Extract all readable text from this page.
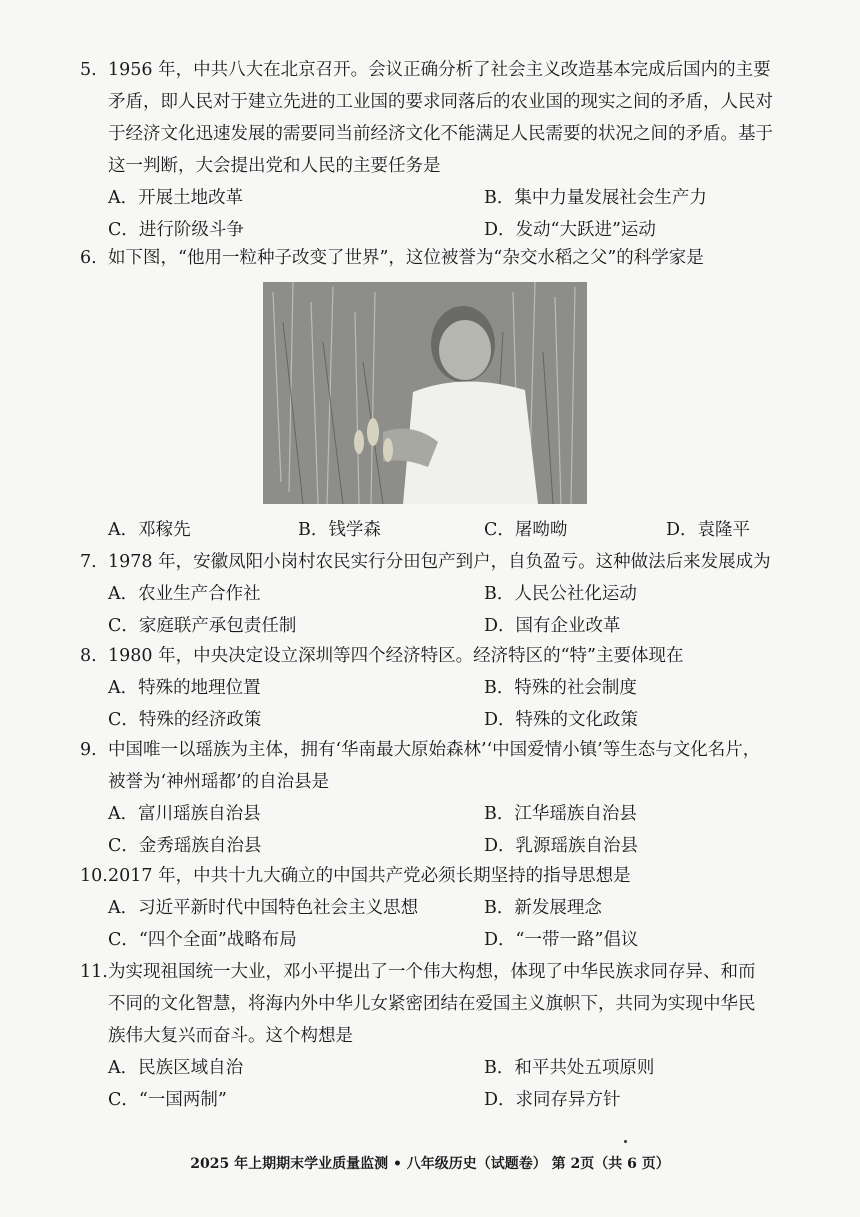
5. 1956 年，中共八大在北京召开。会议正确分析了社会主义改造基本完成后国内的主要
矛盾，即人民对于建立先进的工业国的要求同落后的农业国的现实之间的矛盾，人民对
于经济文化迅速发展的需要同当前经济文化不能满足人民需要的状况之间的矛盾。基于
这一判断，大会提出党和人民的主要任务是
A．开展土地改革	B．集中力量发展社会生产力
C．进行阶级斗争	D．发动“大跃进”运动
6. 如下图，“他用一粒种子改变了世界”，这位被誉为“杂交水稻之父”的科学家是
A．邓稼先	B．钱学森	C．屠呦呦	D．袁隆平
7. 1978 年，安徽凤阳小岗村农民实行分田包产到户，自负盈亏。这种做法后来发展成为
A．农业生产合作社	B．人民公社化运动
C．家庭联产承包责任制	D．国有企业改革
8. 1980 年，中央决定设立深圳等四个经济特区。经济特区的“特”主要体现在
A．特殊的地理位置	B．特殊的社会制度
C．特殊的经济政策	D．特殊的文化政策
9. 中国唯一以瑶族为主体，拥有‘华南最大原始森林’‘中国爱情小镇’等生态与文化名片，
被誉为‘神州瑶都’的自治县是
A．富川瑶族自治县	B．江华瑶族自治县
C．金秀瑶族自治县	D．乳源瑶族自治县
10.2017 年，中共十九大确立的中国共产党必须长期坚持的指导思想是
A．习近平新时代中国特色社会主义思想	B．新发展理念
C．“四个全面”战略布局	D．“一带一路”倡议
11.为实现祖国统一大业，邓小平提出了一个伟大构想，体现了中华民族求同存异、和而
不同的文化智慧，将海内外中华儿女紧密团结在爱国主义旗帜下，共同为实现中华民
族伟大复兴而奋斗。这个构想是
A．民族区域自治	B．和平共处五项原则
C．“一国两制”	D．求同存异方针
2025 年上期期末学业质量监测 • 八年级历史（试题卷） 第 2页（共 6 页）
